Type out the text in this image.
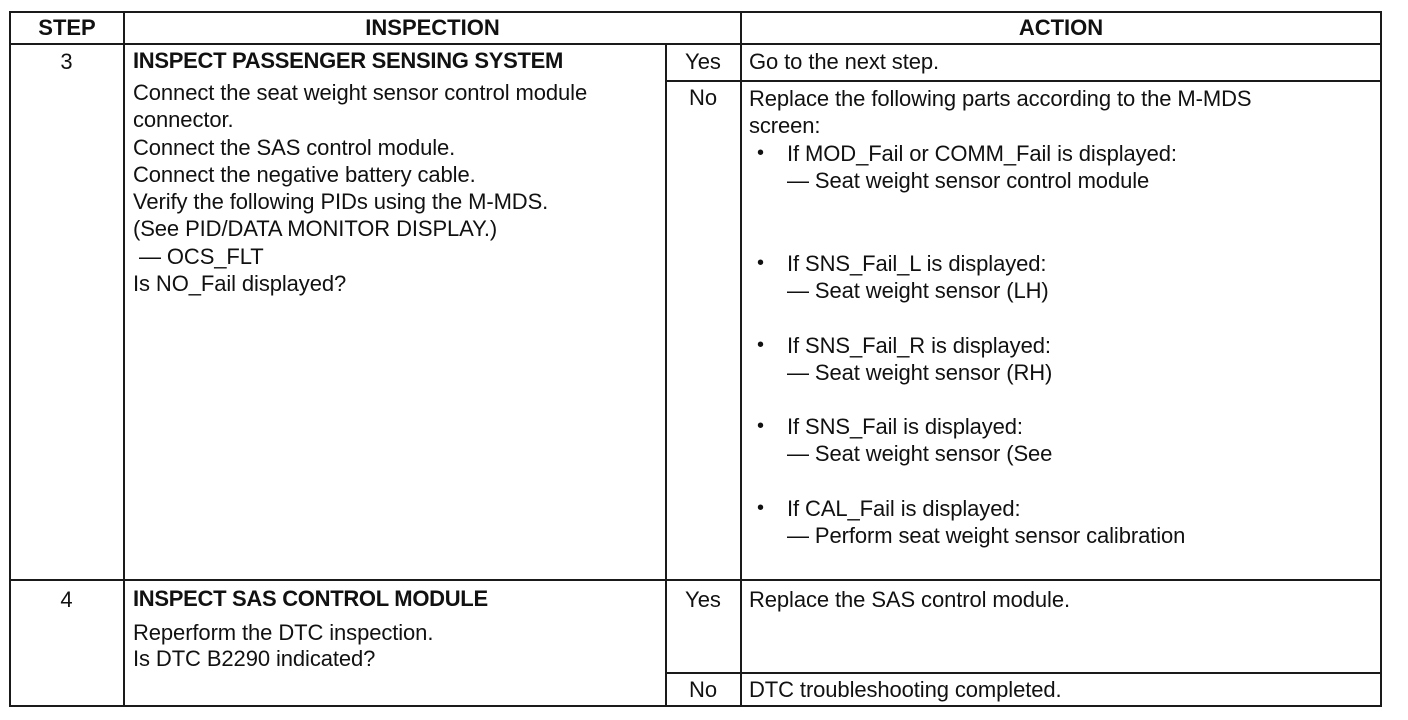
STEP	INSPECTION	ACTION
3	INSPECT PASSENGER SENSING SYSTEM
Connect the seat weight sensor control module
connector.
Connect the SAS control module.
Connect the negative battery cable.
Verify the following PIDs using the M-MDS.
(See PID/DATA MONITOR DISPLAY.)
— OCS_FLT
Is NO_Fail displayed?
Yes	Go to the next step.
No	Replace the following parts according to the M-MDS
screen:
• If MOD_Fail or COMM_Fail is displayed:
— Seat weight sensor control module
• If SNS_Fail_L is displayed:
— Seat weight sensor (LH)
• If SNS_Fail_R is displayed:
— Seat weight sensor (RH)
• If SNS_Fail is displayed:
— Seat weight sensor (See
• If CAL_Fail is displayed:
— Perform seat weight sensor calibration
4	INSPECT SAS CONTROL MODULE
Reperform the DTC inspection.
Is DTC B2290 indicated?
Yes	Replace the SAS control module.
No	DTC troubleshooting completed.
